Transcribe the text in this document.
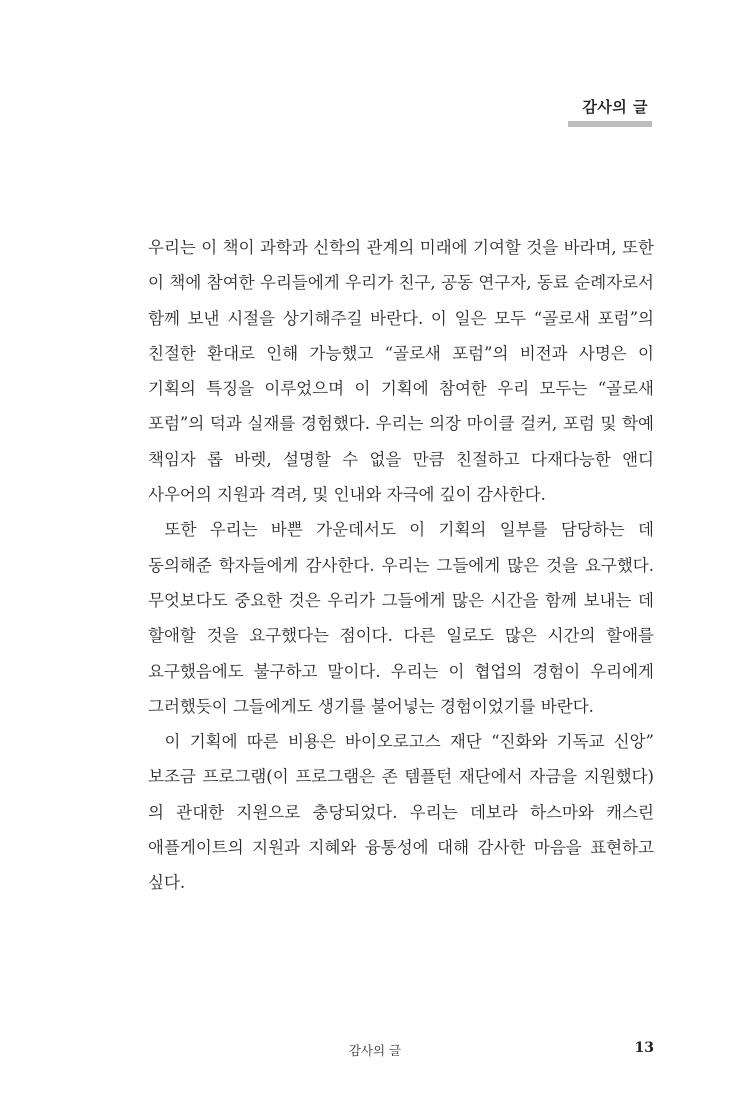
감사의 글

우리는 이 책이 과학과 신학의 관계의 미래에 기여할 것을 바라며, 또한 이 책에 참여한 우리들에게 우리가 친구, 공동 연구자, 동료 순례자로서 함께 보낸 시절을 상기해주길 바란다. 이 일은 모두 “골로새 포럼”의 친절한 환대로 인해 가능했고 “골로새 포럼”의 비전과 사명은 이 기획의 특징을 이루었으며 이 기획에 참여한 우리 모두는 “골로새 포럼”의 덕과 실재를 경험했다. 우리는 의장 마이클 걸커, 포럼 및 학예 책임자 롭 바렛, 설명할 수 없을 만큼 친절하고 다재다능한 앤디 사우어의 지원과 격려, 및 인내와 자극에 깊이 감사한다.

또한 우리는 바쁜 가운데서도 이 기획의 일부를 담당하는 데 동의해준 학자들에게 감사한다. 우리는 그들에게 많은 것을 요구했다. 무엇보다도 중요한 것은 우리가 그들에게 많은 시간을 함께 보내는 데 할애할 것을 요구했다는 점이다. 다른 일로도 많은 시간의 할애를 요구했음에도 불구하고 말이다. 우리는 이 협업의 경험이 우리에게 그러했듯이 그들에게도 생기를 불어넣는 경험이었기를 바란다.

이 기획에 따른 비용은 바이오로고스 재단 “진화와 기독교 신앙” 보조금 프로그램(이 프로그램은 존 템플턴 재단에서 자금을 지원했다)의 관대한 지원으로 충당되었다. 우리는 데보라 하스마와 캐스린 애플게이트의 지원과 지혜와 융통성에 대해 감사한 마음을 표현하고 싶다.

감사의 글	13
